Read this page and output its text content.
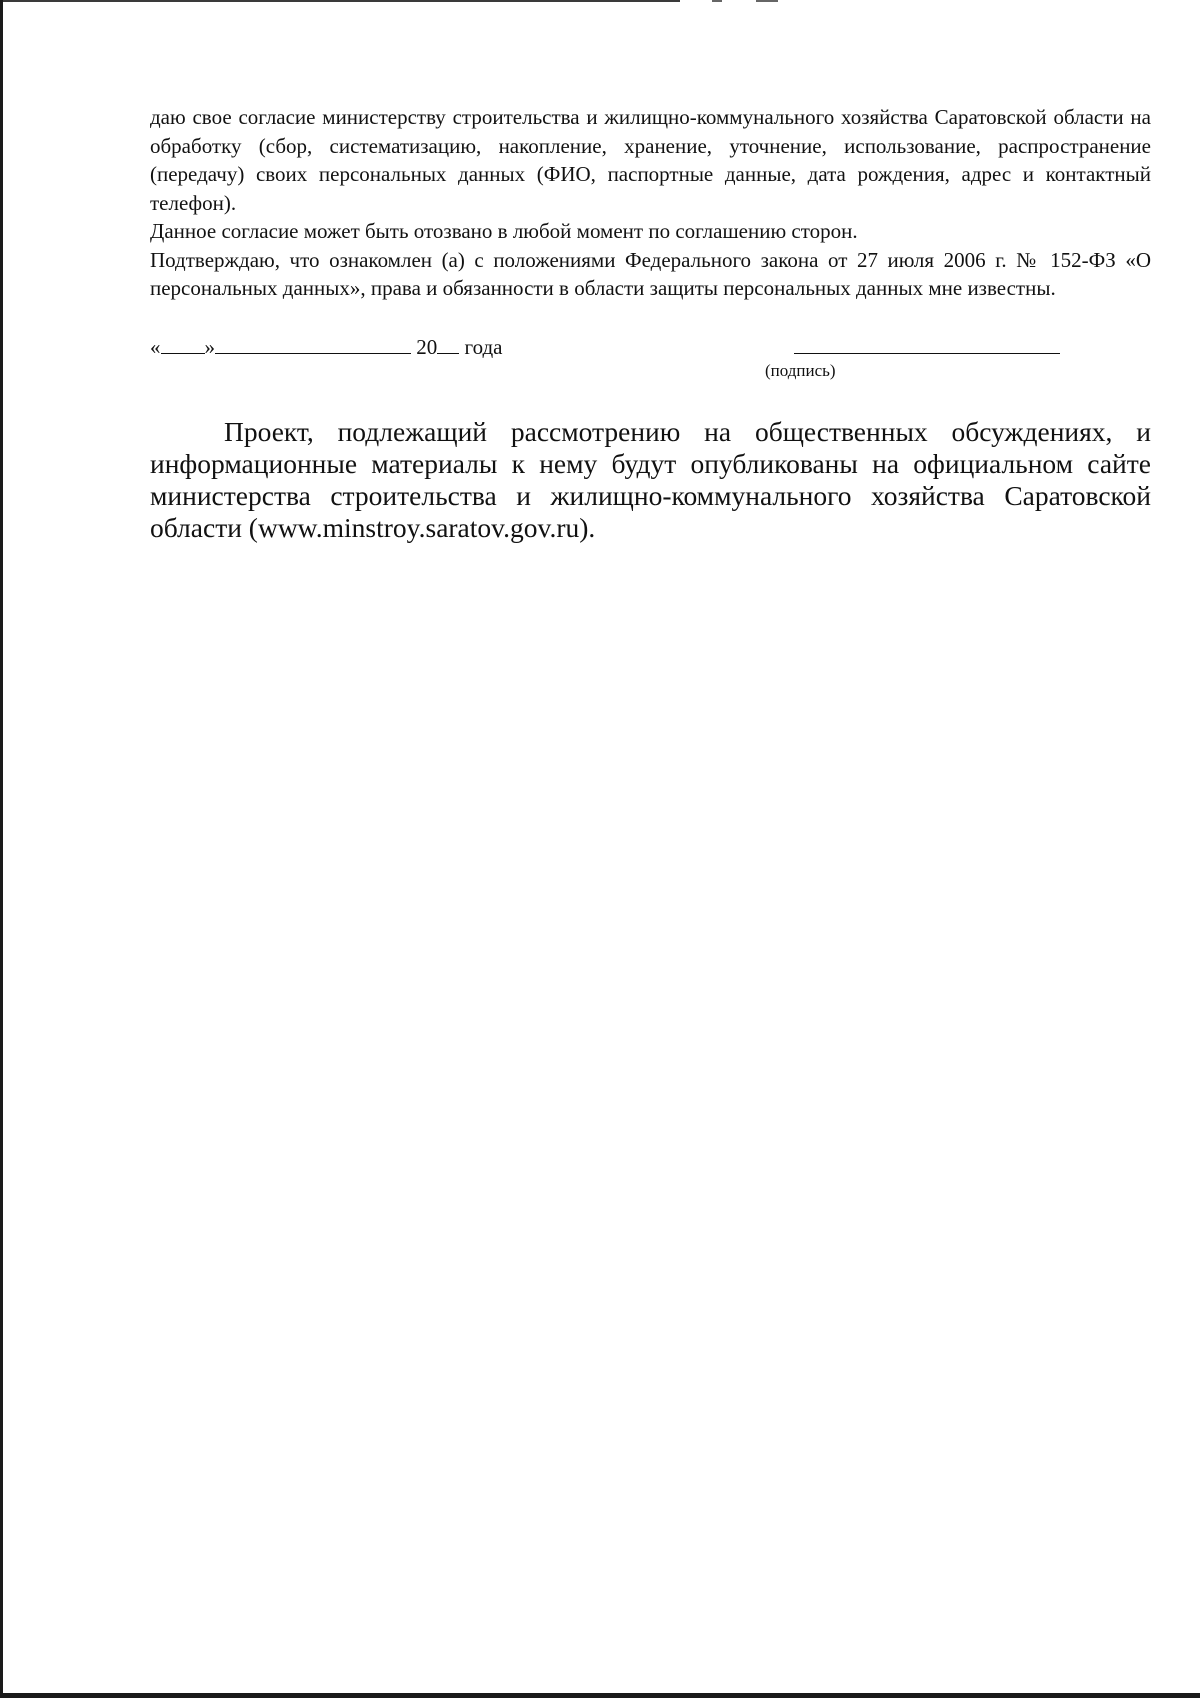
даю свое согласие министерству строительства и жилищно-коммунального хозяйства Саратовской области на обработку (сбор, систематизацию, накопление, хранение, уточнение, использование, распространение (передачу) своих персональных данных (ФИО, паспортные данные, дата рождения, адрес и контактный телефон).

Данное согласие может быть отозвано в любой момент по соглашению сторон.

Подтверждаю, что ознакомлен (а) с положениями Федерального закона от 27 июля 2006 г. № 152-ФЗ «О персональных данных», права и обязанности в области защиты персональных данных мне известны.

« »	20 года
(подпись)

Проект, подлежащий рассмотрению на общественных обсуждениях, и информационные материалы к нему будут опубликованы на официальном сайте министерства строительства и жилищно-коммунального хозяйства Саратовской области (www.minstroy.saratov.gov.ru).
